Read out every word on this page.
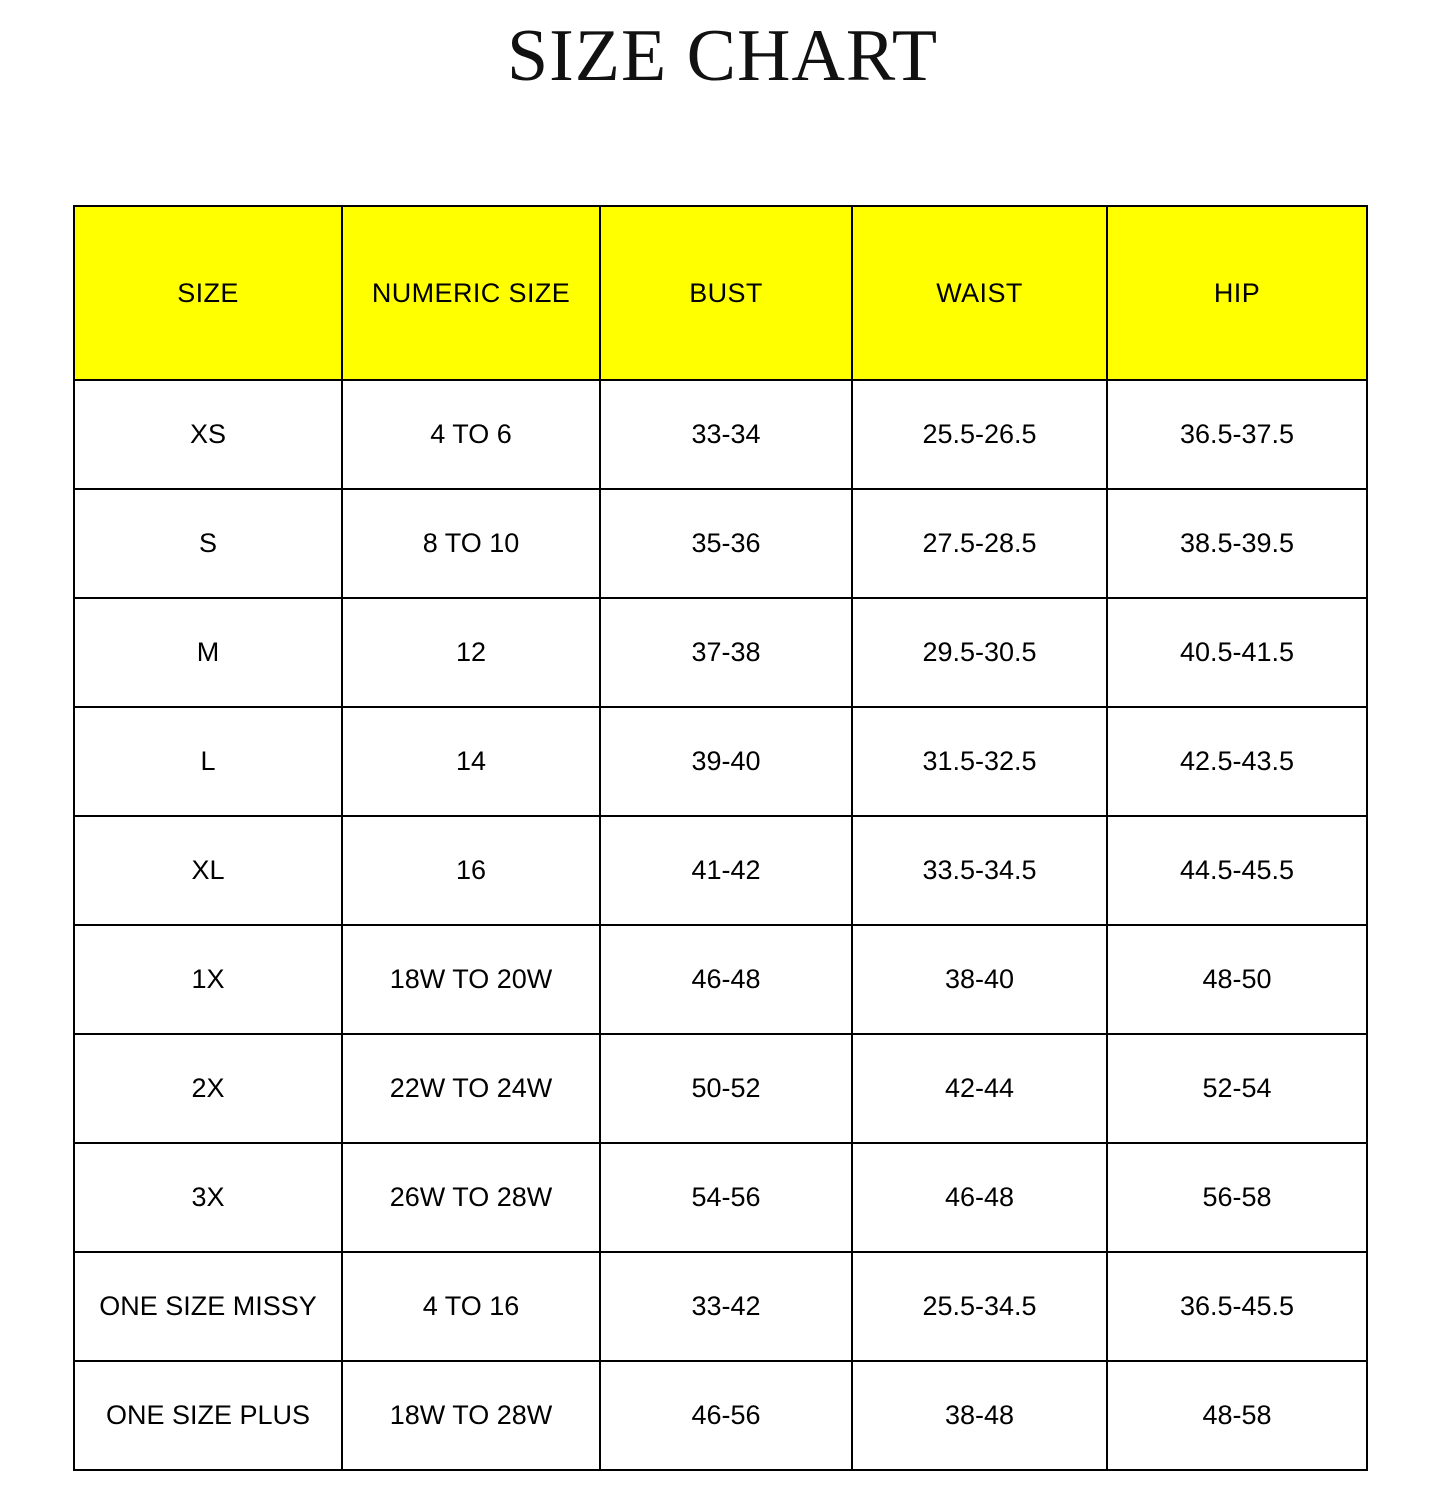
SIZE CHART
SIZE	NUMERIC SIZE	BUST	WAIST	HIP
XS	4 TO 6	33-34	25.5-26.5	36.5-37.5
S	8 TO 10	35-36	27.5-28.5	38.5-39.5
M	12	37-38	29.5-30.5	40.5-41.5
L	14	39-40	31.5-32.5	42.5-43.5
XL	16	41-42	33.5-34.5	44.5-45.5
1X	18W TO 20W	46-48	38-40	48-50
2X	22W TO 24W	50-52	42-44	52-54
3X	26W TO 28W	54-56	46-48	56-58
ONE SIZE MISSY	4 TO 16	33-42	25.5-34.5	36.5-45.5
ONE SIZE PLUS	18W TO 28W	46-56	38-48	48-58
